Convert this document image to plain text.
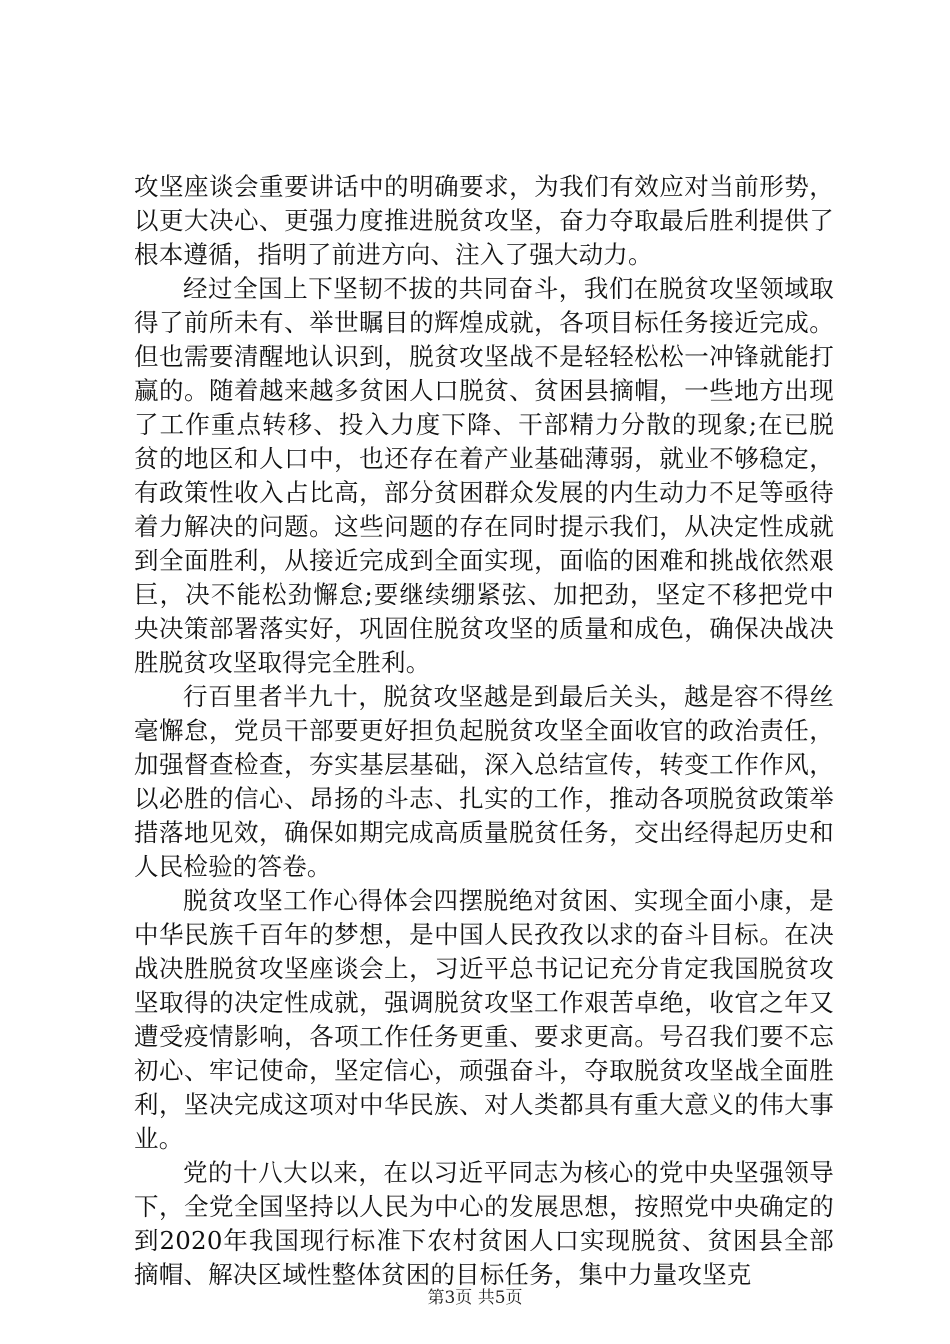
攻坚座谈会重要讲话中的明确要求，为我们有效应对当前形势，以更大决心、更强力度推进脱贫攻坚，奋力夺取最后胜利提供了根本遵循，指明了前进方向、注入了强大动力。

经过全国上下坚韧不拔的共同奋斗，我们在脱贫攻坚领域取得了前所未有、举世瞩目的辉煌成就，各项目标任务接近完成。但也需要清醒地认识到，脱贫攻坚战不是轻轻松松一冲锋就能打赢的。随着越来越多贫困人口脱贫、贫困县摘帽，一些地方出现了工作重点转移、投入力度下降、干部精力分散的现象;在已脱贫的地区和人口中，也还存在着产业基础薄弱，就业不够稳定，有政策性收入占比高，部分贫困群众发展的内生动力不足等亟待着力解决的问题。这些问题的存在同时提示我们，从决定性成就到全面胜利，从接近完成到全面实现，面临的困难和挑战依然艰巨，决不能松劲懈怠;要继续绷紧弦、加把劲，坚定不移把党中央决策部署落实好，巩固住脱贫攻坚的质量和成色，确保决战决胜脱贫攻坚取得完全胜利。

行百里者半九十，脱贫攻坚越是到最后关头，越是容不得丝毫懈怠，党员干部要更好担负起脱贫攻坚全面收官的政治责任，加强督查检查，夯实基层基础，深入总结宣传，转变工作作风，以必胜的信心、昂扬的斗志、扎实的工作，推动各项脱贫政策举措落地见效，确保如期完成高质量脱贫任务，交出经得起历史和人民检验的答卷。

脱贫攻坚工作心得体会四摆脱绝对贫困、实现全面小康，是中华民族千百年的梦想，是中国人民孜孜以求的奋斗目标。在决战决胜脱贫攻坚座谈会上，习近平总书记记充分肯定我国脱贫攻坚取得的决定性成就，强调脱贫攻坚工作艰苦卓绝，收官之年又遭受疫情影响，各项工作任务更重、要求更高。号召我们要不忘初心、牢记使命，坚定信心，顽强奋斗，夺取脱贫攻坚战全面胜利，坚决完成这项对中华民族、对人类都具有重大意义的伟大事业。

党的十八大以来，在以习近平同志为核心的党中央坚强领导下，全党全国坚持以人民为中心的发展思想，按照党中央确定的到2020年我国现行标准下农村贫困人口实现脱贫、贫困县全部摘帽、解决区域性整体贫困的目标任务，集中力量攻坚克

第3页 共5页
